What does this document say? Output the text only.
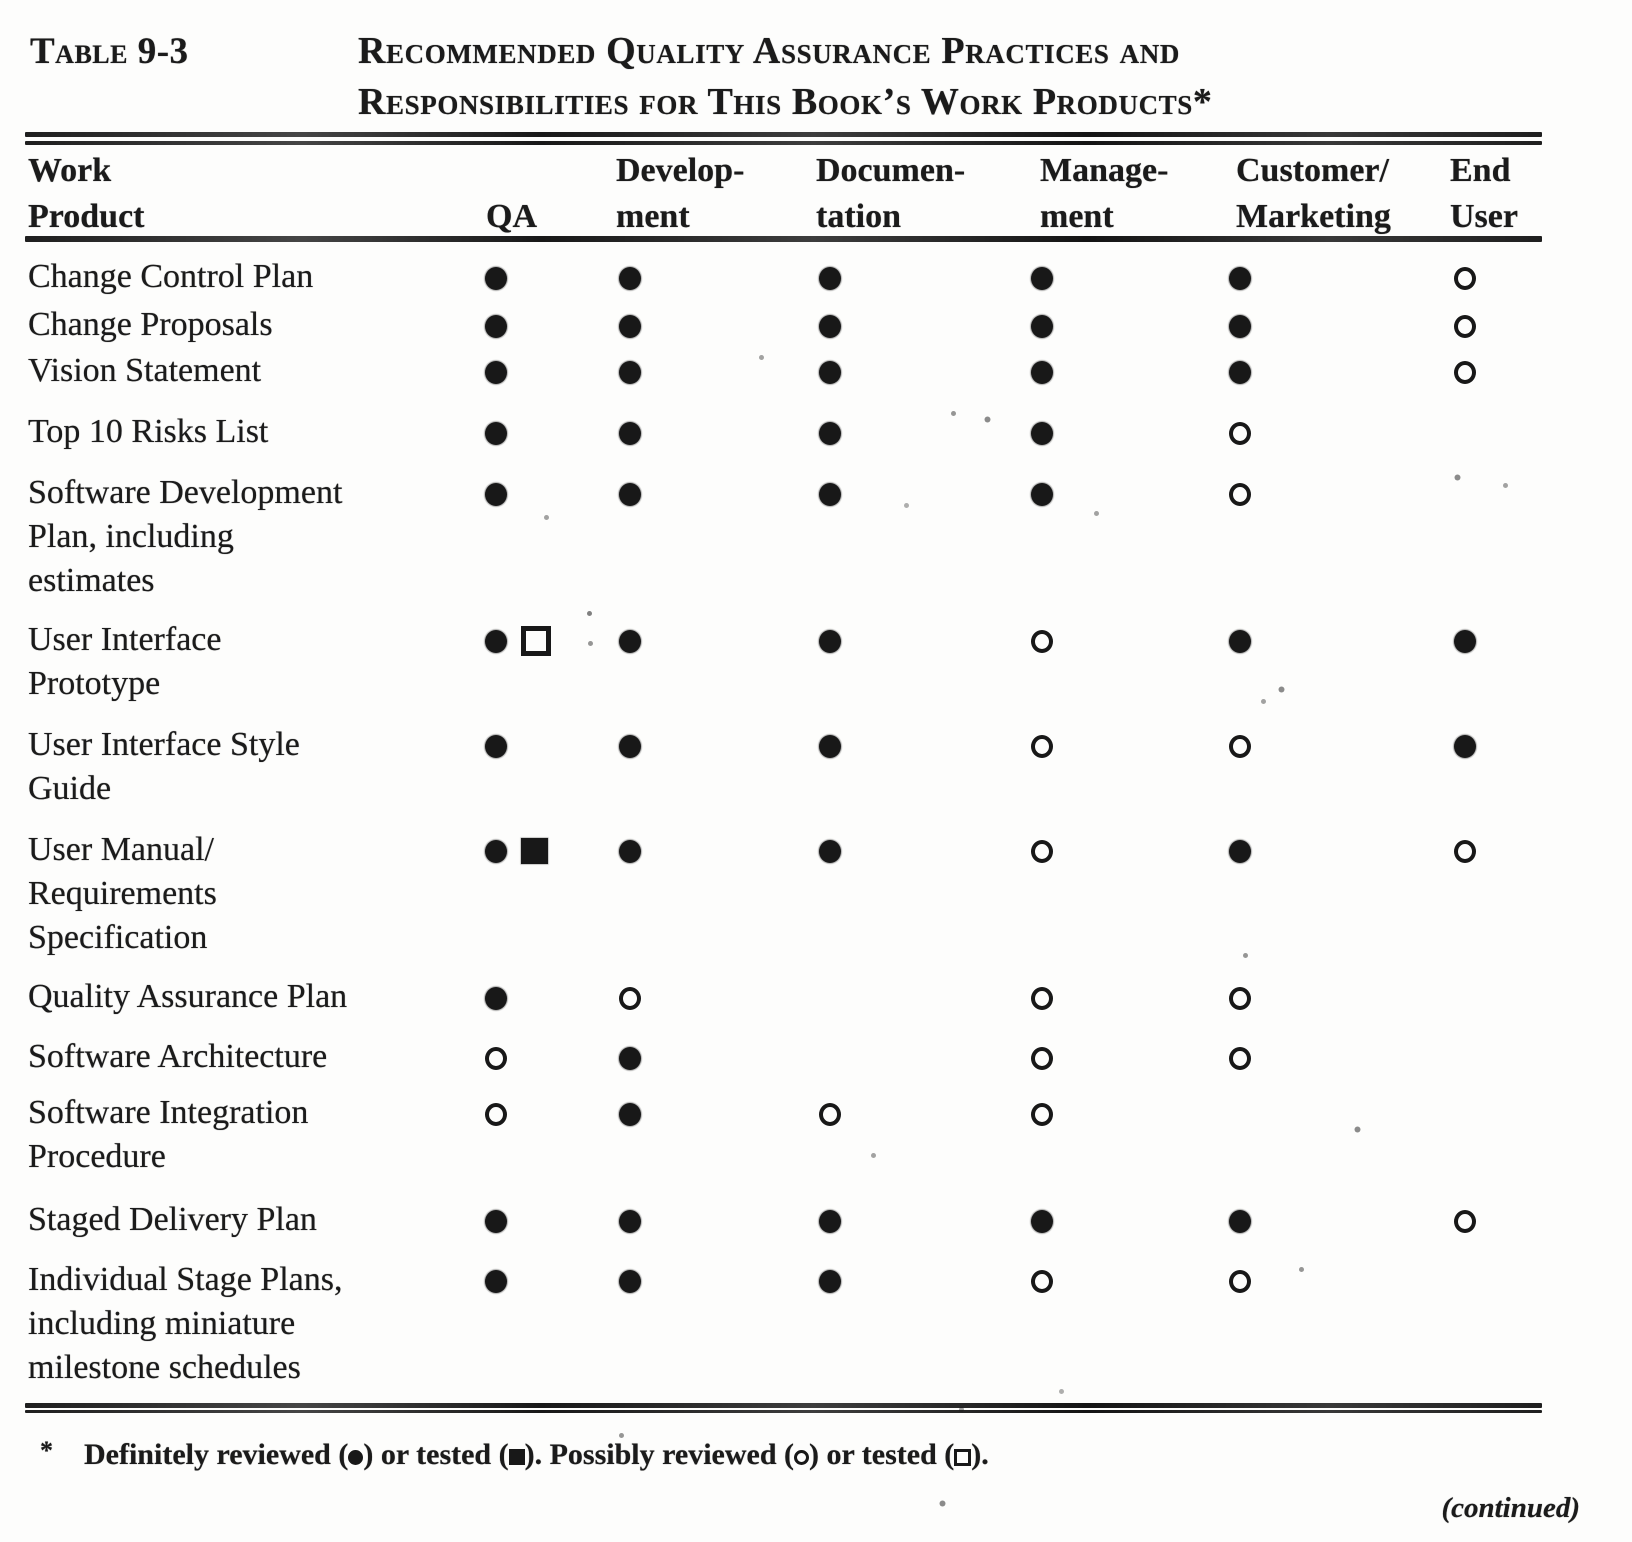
Table 9-3	Recommended Quality Assurance Practices and
Responsibilities for This Book’s Work Products*
Work
Product	QA
Develop-
ment
Documen-
tation
Manage-
ment
Customer/
Marketing
End
User
Change Control Plan
Change Proposals
Vision Statement
Top 10 Risks List
Software Development
Plan, including
estimates
User Interface
Prototype
User Interface Style
Guide
User Manual/
Requirements
Specification
Quality Assurance Plan
Software Architecture
Software Integration
Procedure
Staged Delivery Plan
Individual Stage Plans,
including miniature
milestone schedules
* Definitely reviewed ( ) or tested ( ). Possibly reviewed ( ) or tested ( ).
(continued)
